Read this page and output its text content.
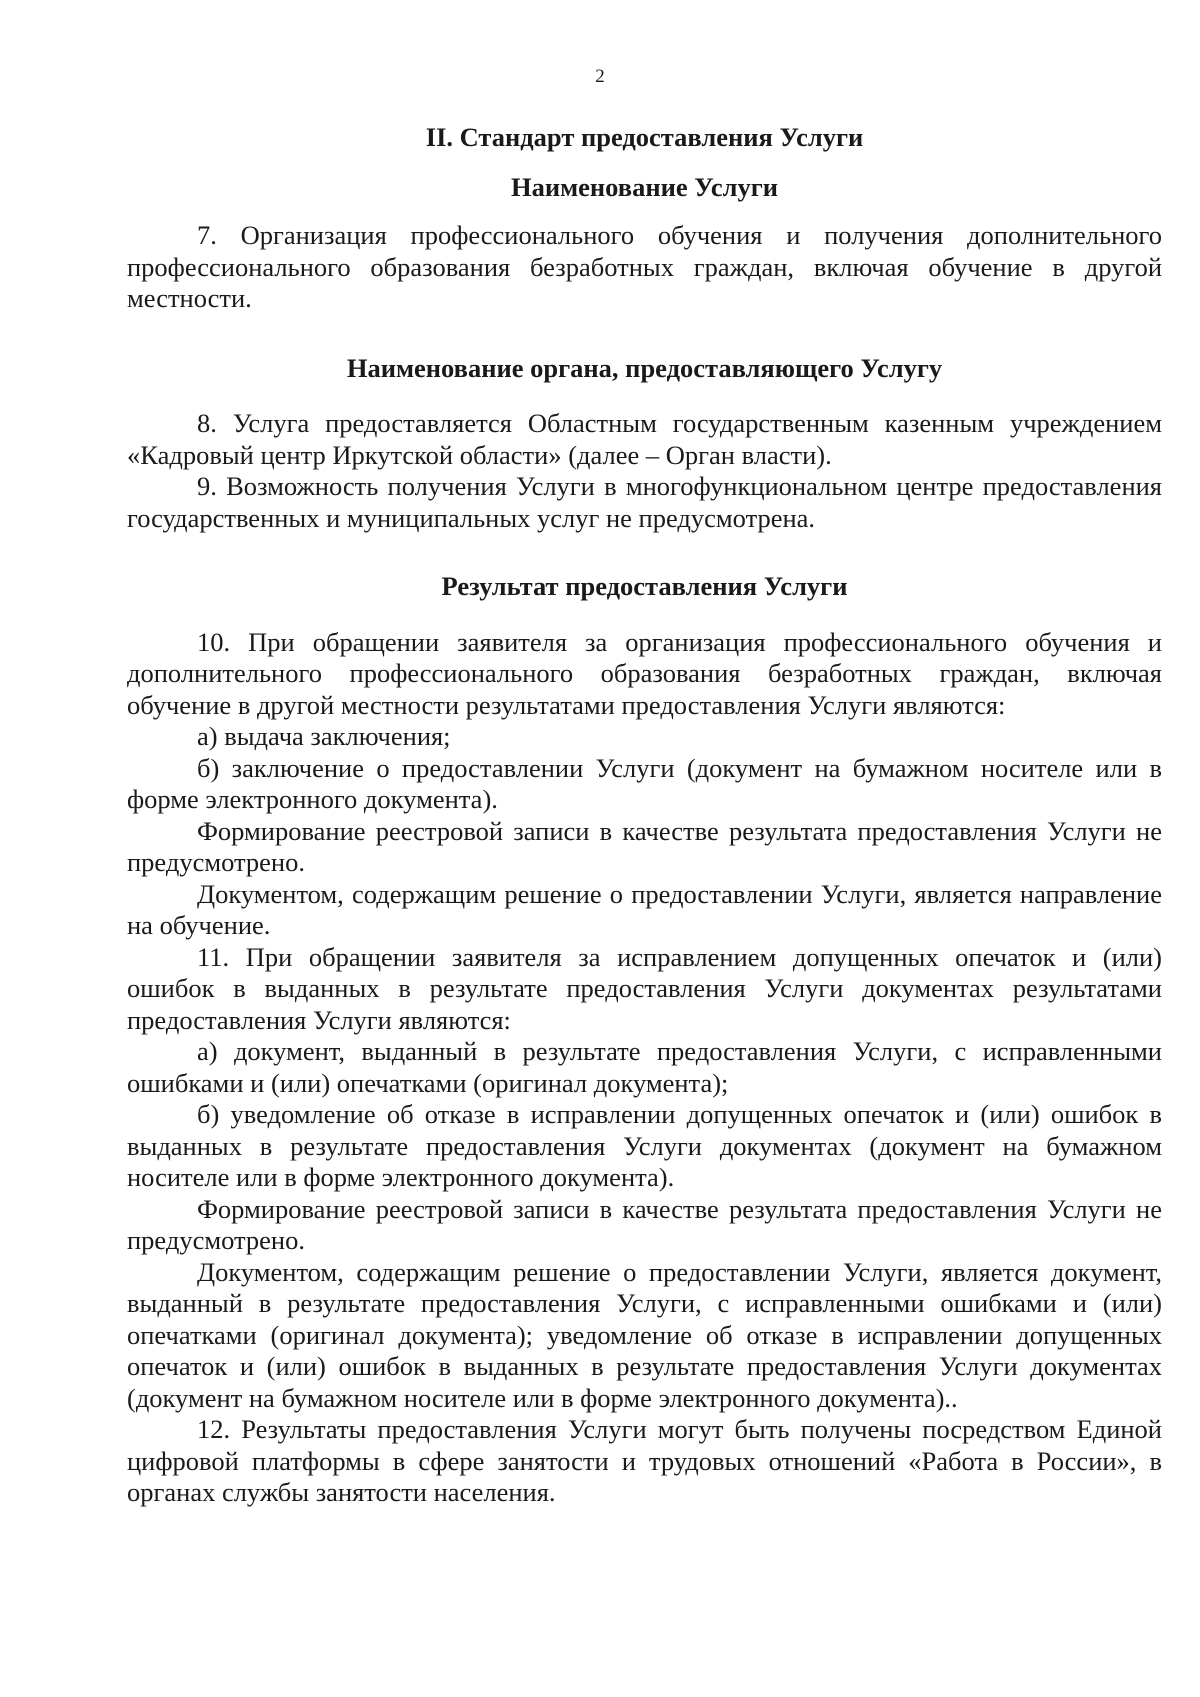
2
II. Стандарт предоставления Услуги
Наименование Услуги

7. Организация профессионального обучения и получения дополнительного профессионального образования безработных граждан, включая обучение в другой местности.

Наименование органа, предоставляющего Услугу

8. Услуга предоставляется Областным государственным казенным учреждением «Кадровый центр Иркутской области» (далее – Орган власти).

9. Возможность получения Услуги в многофункциональном центре предоставления государственных и муниципальных услуг не предусмотрена.

Результат предоставления Услуги

10. При обращении заявителя за организация профессионального обучения и дополнительного профессионального образования безработных граждан, включая обучение в другой местности результатами предоставления Услуги являются:

а) выдача заключения;

б) заключение о предоставлении Услуги (документ на бумажном носителе или в форме электронного документа).

Формирование реестровой записи в качестве результата предоставления Услуги не предусмотрено.

Документом, содержащим решение о предоставлении Услуги, является направление на обучение.

11. При обращении заявителя за исправлением допущенных опечаток и (или) ошибок в выданных в результате предоставления Услуги документах результатами предоставления Услуги являются:

а) документ, выданный в результате предоставления Услуги, с исправленными ошибками и (или) опечатками (оригинал документа);

б) уведомление об отказе в исправлении допущенных опечаток и (или) ошибок в выданных в результате предоставления Услуги документах (документ на бумажном носителе или в форме электронного документа).

Формирование реестровой записи в качестве результата предоставления Услуги не предусмотрено.

Документом, содержащим решение о предоставлении Услуги, является документ, выданный в результате предоставления Услуги, с исправленными ошибками и (или) опечатками (оригинал документа); уведомление об отказе в исправлении допущенных опечаток и (или) ошибок в выданных в результате предоставления Услуги документах (документ на бумажном носителе или в форме электронного документа)..

12. Результаты предоставления Услуги могут быть получены посредством Единой цифровой платформы в сфере занятости и трудовых отношений «Работа в России», в органах службы занятости населения.
